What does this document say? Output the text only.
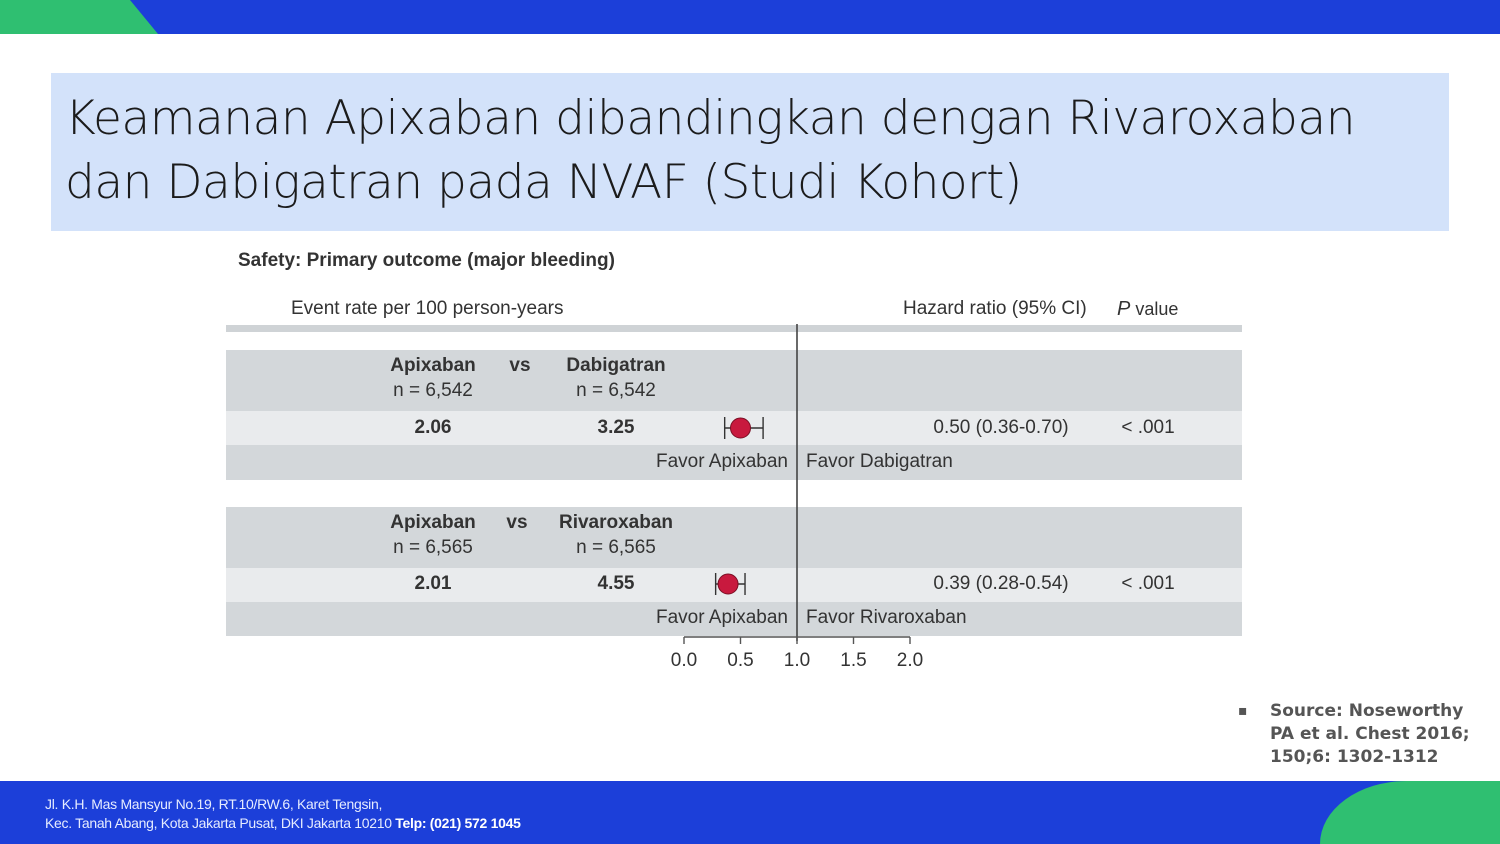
Keamanan Apixaban dibandingkan dengan Rivaroxaban
dan Dabigatran pada NVAF (Studi Kohort)
Safety: Primary outcome (major bleeding)
Event rate per 100 person-years	Hazard ratio (95% CI) P value
Apixaban
n = 6,542
vs Dabigatran
n = 6,542
2.06	3.25	0.50 (0.36-0.70)	< .001
Favor Apixaban Favor Dabigatran
Apixaban
n = 6,565
vs Rivaroxaban
n = 6,565
2.01	4.55	0.39 (0.28-0.54)	< .001
Favor Apixaban Favor Rivaroxaban
0.0 0.5 1.0 1.5 2.0
▪ Source: Noseworthy PA et al. Chest 2016; 150;6: 1302-1312
Jl. K.H. Mas Mansyur No.19, RT.10/RW.6, Karet Tengsin,
Kec. Tanah Abang, Kota Jakarta Pusat, DKI Jakarta 10210 Telp: (021) 572 1045
